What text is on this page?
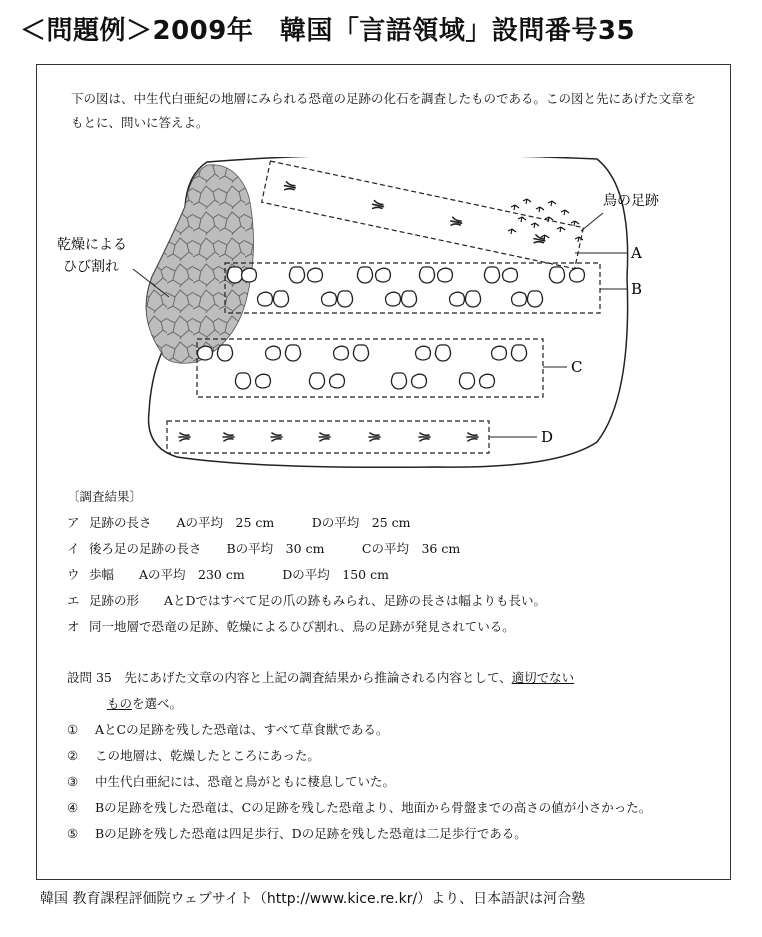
＜問題例＞2009年　韓国「言語領域」設問番号35
下の図は、中生代白亜紀の地層にみられる恐竜の足跡の化石を調査したものである。この図と先にあげた文章をもとに、問いに答えよ。
鳥の足跡
A
B
C
D
乾燥による
ひび割れ
〔調査結果〕
ア 足跡の長さ　　Aの平均　25 cm　　　Dの平均　25 cm
イ 後ろ足の足跡の長さ　　Bの平均　30 cm　　　Cの平均　36 cm
ウ 歩幅　　Aの平均　230 cm　　　Dの平均　150 cm
エ 足跡の形　　AとDではすべて足の爪の跡もみられ、足跡の長さは幅よりも長い。
オ 同一地層で恐竜の足跡、乾燥によるひび割れ、鳥の足跡が発見されている。
設問 35　先にあげた文章の内容と上記の調査結果から推論される内容として、適切でない
ものを選べ。
①	AとCの足跡を残した恐竜は、すべて草食獣である。
②	この地層は、乾燥したところにあった。
③	中生代白亜紀には、恐竜と鳥がともに棲息していた。
④	Bの足跡を残した恐竜は、Cの足跡を残した恐竜より、地面から骨盤までの高さの値が小さかった。
⑤	Bの足跡を残した恐竜は四足歩行、Dの足跡を残した恐竜は二足歩行である。
韓国 教育課程評価院ウェブサイト（http://www.kice.re.kr/）より、日本語訳は河合塾
